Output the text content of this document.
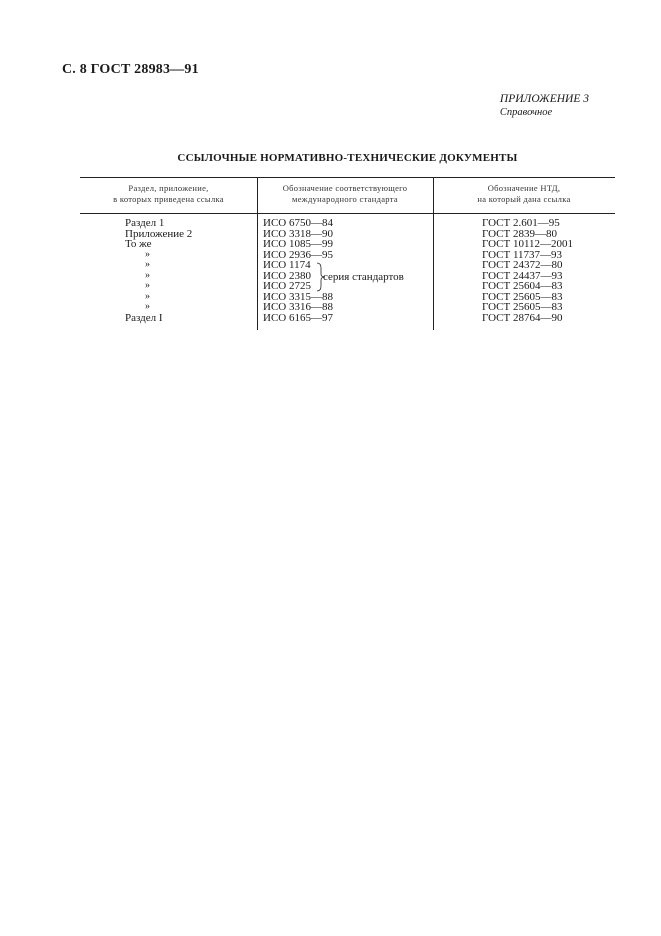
С. 8 ГОСТ 28983—91
ПРИЛОЖЕНИЕ 3
Справочное
ССЫЛОЧНЫЕ НОРМАТИВНО-ТЕХНИЧЕСКИЕ ДОКУМЕНТЫ
Раздел, приложение,
в которых приведена ссылка
Обозначение соответствующего
международного стандарта
Обозначение НТД,
на который дана ссылка
Раздел 1	ИСО 6750—84	ГОСТ 2.601—95
Приложение 2	ИСО 3318—90	ГОСТ 2839—80
То же	ИСО 1085—99	ГОСТ 10112—2001
»	ИСО 2936—95	ГОСТ 11737—93
»	ИСО 1174	ГОСТ 24372—80
»	ИСО 2380	ГОСТ 24437—93
»	ИСО 2725	ГОСТ 25604—83
»	ИСО 3315—88	ГОСТ 25605—83
»	ИСО 3316—88	ГОСТ 25605—83
Раздел I	ИСО 6165—97	ГОСТ 28764—90
серия стандартов
